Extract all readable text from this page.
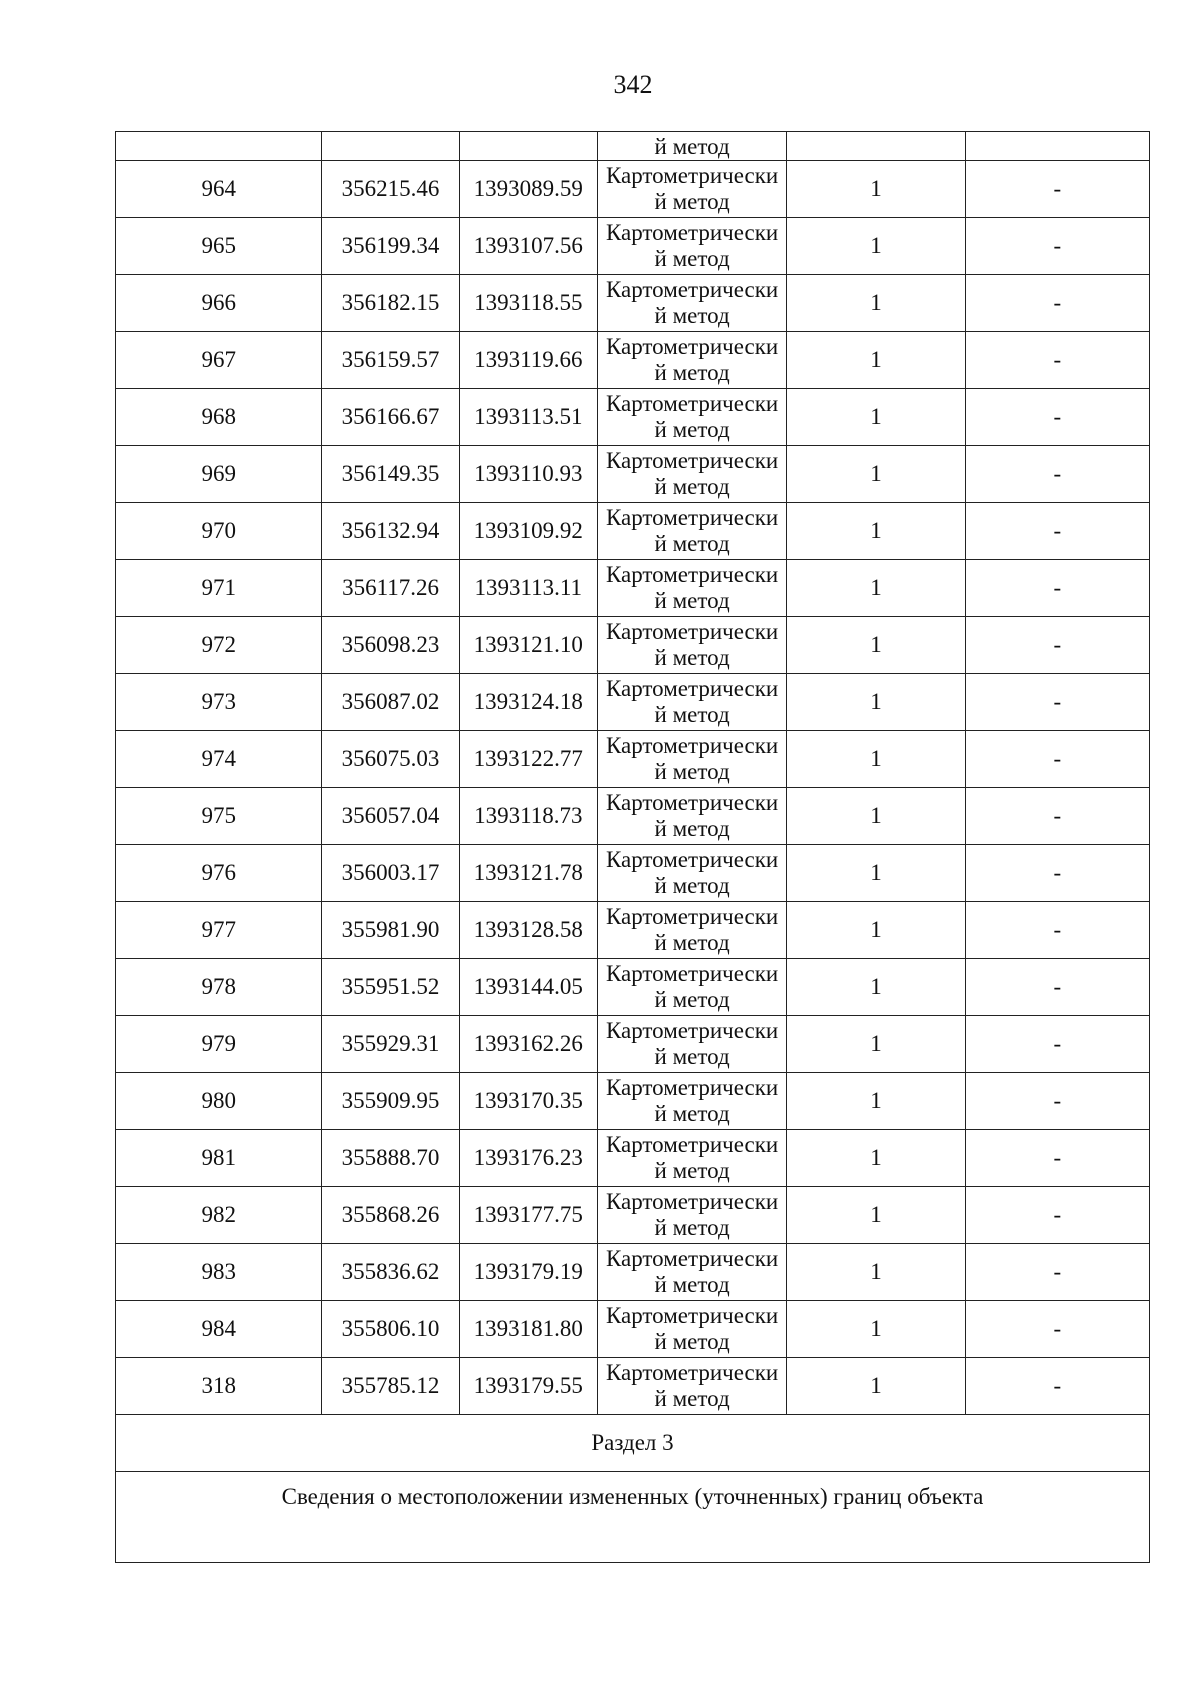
342
			й метод		
964	356215.46	1393089.59	Картометрически
й метод	1	-
965	356199.34	1393107.56	Картометрически
й метод	1	-
966	356182.15	1393118.55	Картометрически
й метод	1	-
967	356159.57	1393119.66	Картометрически
й метод	1	-
968	356166.67	1393113.51	Картометрически
й метод	1	-
969	356149.35	1393110.93	Картометрически
й метод	1	-
970	356132.94	1393109.92	Картометрически
й метод	1	-
971	356117.26	1393113.11	Картометрически
й метод	1	-
972	356098.23	1393121.10	Картометрически
й метод	1	-
973	356087.02	1393124.18	Картометрически
й метод	1	-
974	356075.03	1393122.77	Картометрически
й метод	1	-
975	356057.04	1393118.73	Картометрически
й метод	1	-
976	356003.17	1393121.78	Картометрически
й метод	1	-
977	355981.90	1393128.58	Картометрически
й метод	1	-
978	355951.52	1393144.05	Картометрически
й метод	1	-
979	355929.31	1393162.26	Картометрически
й метод	1	-
980	355909.95	1393170.35	Картометрически
й метод	1	-
981	355888.70	1393176.23	Картометрически
й метод	1	-
982	355868.26	1393177.75	Картометрически
й метод	1	-
983	355836.62	1393179.19	Картометрически
й метод	1	-
984	355806.10	1393181.80	Картометрически
й метод	1	-
318	355785.12	1393179.55	Картометрически
й метод	1	-
Раздел 3					
Сведения о местоположении измененных (уточненных) границ объекта					
